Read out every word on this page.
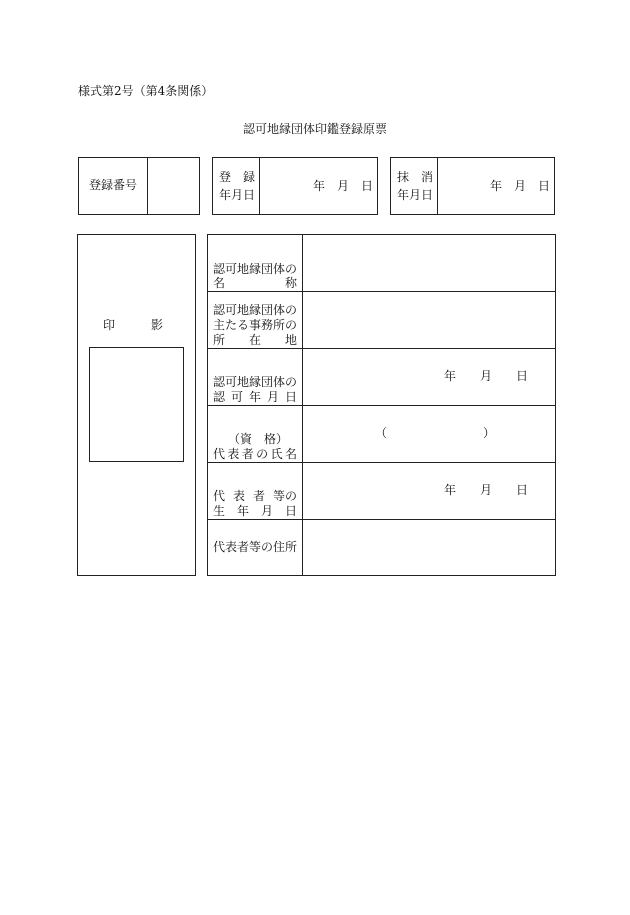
様式第2号（第4条関係）
認可地縁団体印鑑登録原票
登録番号
登　録
年月日
年　月　日
抹　消
年月日
年　月　日
印　　　影
認可地縁団体の
名	称
認可地縁団体の
主たる事務所の
所 在 地
認可地縁団体の
認 可 年 月 日
年　　月　　日
（資　格）
代 表 者 の 氏 名
（　　　　　　　　）
代 表 者 等の
生 年 月 日
年　　月　　日
代表者等の住所
